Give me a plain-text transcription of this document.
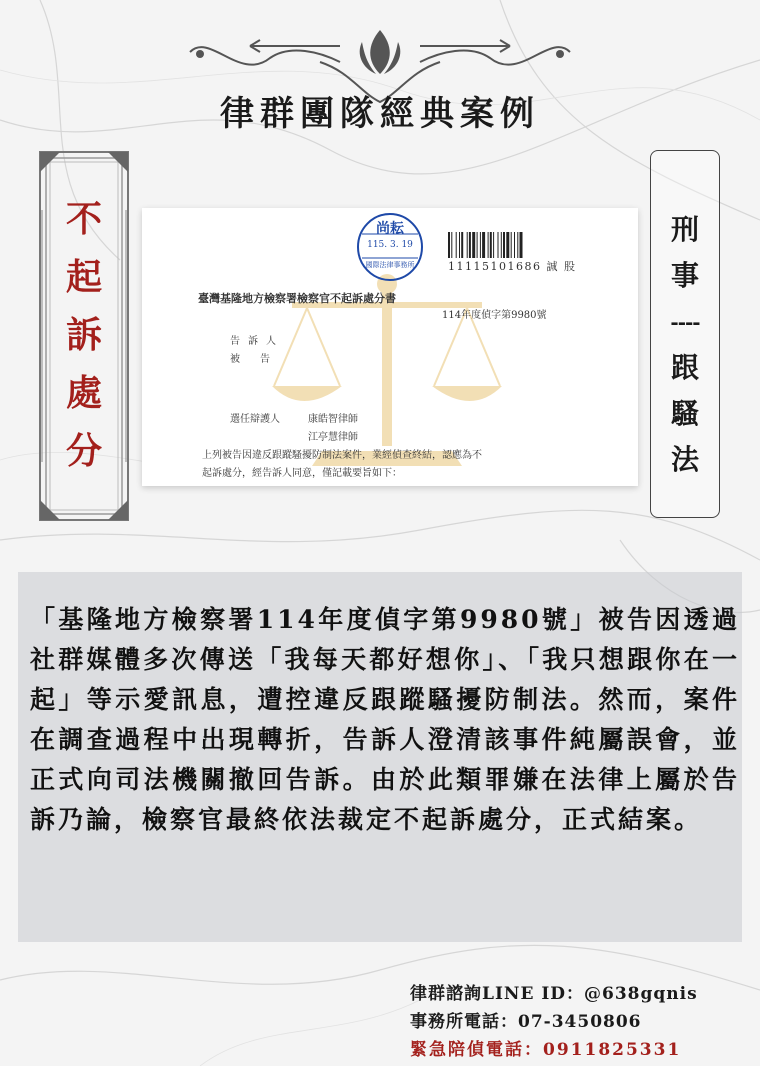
律群團隊經典案例
不
起
訴
處
分
刑
事
----
跟
騷
法
尚耘
115. 3. 19
國際法律事務所	11115101686 誠 股
臺灣基隆地方檢察署檢察官不起訴處分書
114年度偵字第9980號
告訴人
被告
選任辯護人	康皓智律師
江亭慧律師
上列被告因違反跟蹤騷擾防制法案件，業經偵查終結，認應為不
起訴處分，經告訴人同意，僅記載要旨如下：

「基隆地方檢察署114年度偵字第9980號」被告因透過社群媒體多次傳送「我每天都好想你」、「我只想跟你在一起」等示愛訊息，遭控違反跟蹤騷擾防制法。然而，案件在調查過程中出現轉折，告訴人澄清該事件純屬誤會，並正式向司法機關撤回告訴。由於此類罪嫌在法律上屬於告訴乃論，檢察官最終依法裁定不起訴處分，正式結案。

律群諮詢LINE ID：@638gqnis
事務所電話：07-3450806
緊急陪偵電話：0911825331
